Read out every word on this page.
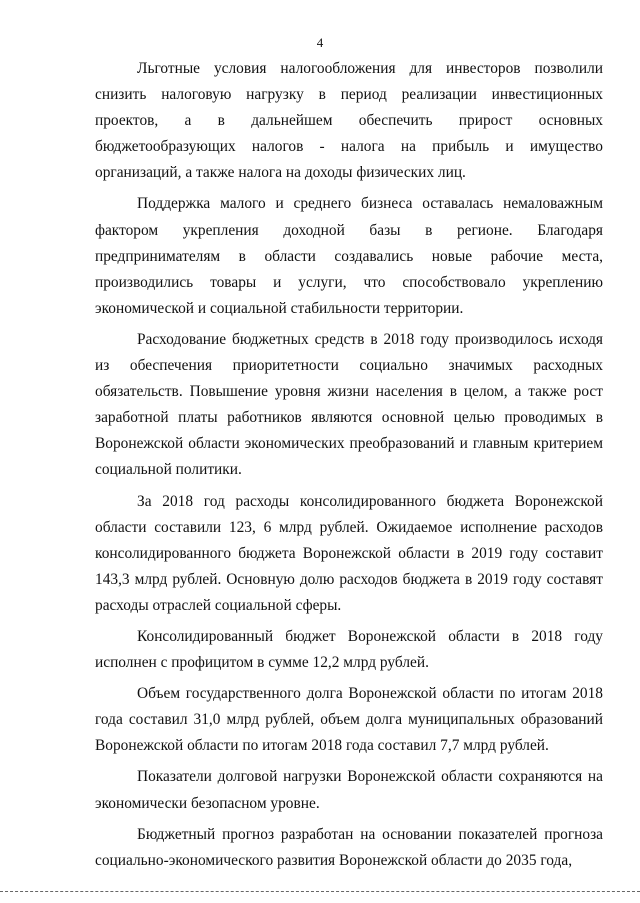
4

Льготные условия налогообложения для инвесторов позволили снизить налоговую нагрузку в период реализации инвестиционных проектов, а в дальнейшем обеспечить прирост основных бюджетообразующих налогов - налога на прибыль и имущество организаций, а также налога на доходы физических лиц.

Поддержка малого и среднего бизнеса оставалась немаловажным фактором укрепления доходной базы в регионе. Благодаря предпринимателям в области создавались новые рабочие места, производились товары и услуги, что способствовало укреплению экономической и социальной стабильности территории.

Расходование бюджетных средств в 2018 году производилось исходя из обеспечения приоритетности социально значимых расходных обязательств. Повышение уровня жизни населения в целом, а также рост заработной платы работников являются основной целью проводимых в Воронежской области экономических преобразований и главным критерием социальной политики.

За 2018 год расходы консолидированного бюджета Воронежской области составили 123, 6 млрд рублей. Ожидаемое исполнение расходов консолидированного бюджета Воронежской области в 2019 году составит 143,3 млрд рублей. Основную долю расходов бюджета в 2019 году составят расходы отраслей социальной сферы.

Консолидированный бюджет Воронежской области в 2018 году исполнен с профицитом в сумме 12,2 млрд рублей.

Объем государственного долга Воронежской области по итогам 2018 года составил 31,0 млрд рублей, объем долга муниципальных образований Воронежской области по итогам 2018 года составил 7,7 млрд рублей.

Показатели долговой нагрузки Воронежской области сохраняются на экономически безопасном уровне.

Бюджетный прогноз разработан на основании показателей прогноза социально-экономического развития Воронежской области до 2035 года,
